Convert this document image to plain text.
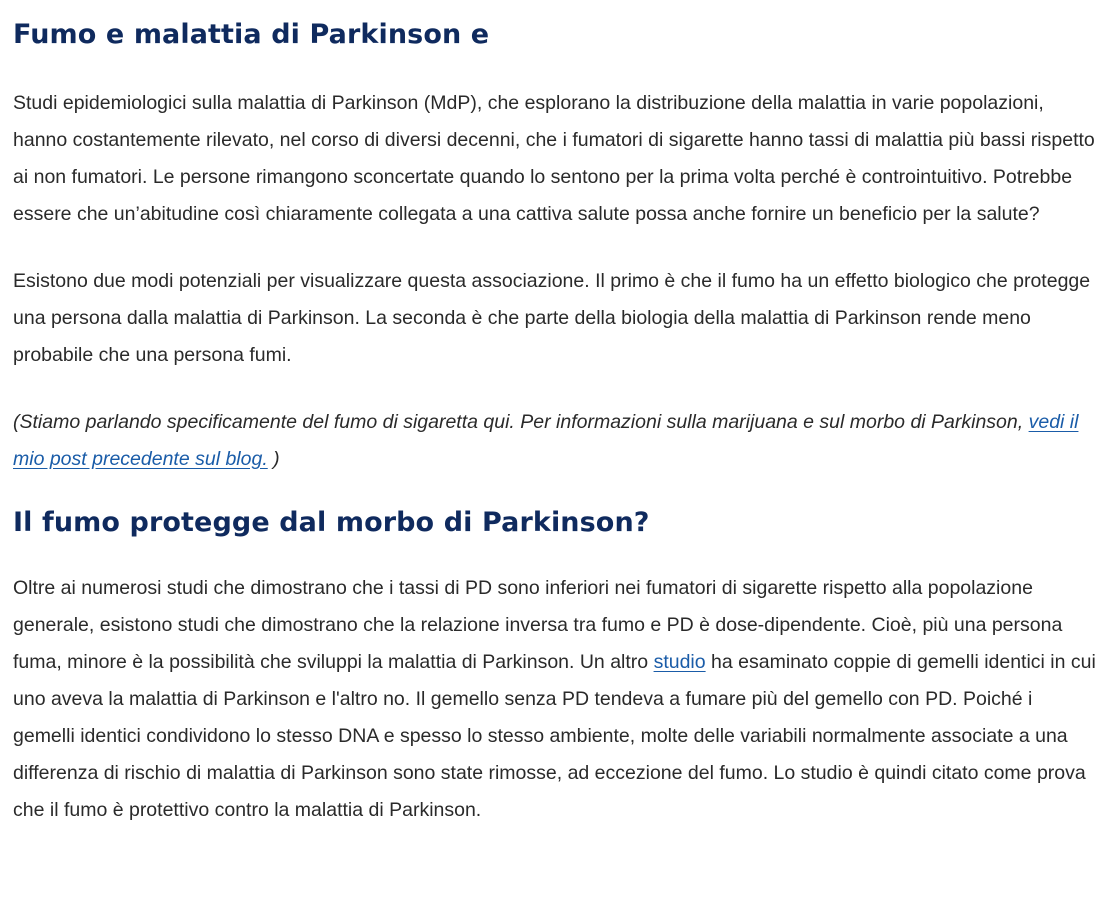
Fumo e malattia di Parkinson e

Studi epidemiologici sulla malattia di Parkinson (MdP), che esplorano la distribuzione della malattia in varie popolazioni, hanno costantemente rilevato, nel corso di diversi decenni, che i fumatori di sigarette hanno tassi di malattia più bassi rispetto ai non fumatori. Le persone rimangono sconcertate quando lo sentono per la prima volta perché è controintuitivo. Potrebbe essere che un’abitudine così chiaramente collegata a una cattiva salute possa anche fornire un beneficio per la salute?

Esistono due modi potenziali per visualizzare questa associazione. Il primo è che il fumo ha un effetto biologico che protegge una persona dalla malattia di Parkinson. La seconda è che parte della biologia della malattia di Parkinson rende meno probabile che una persona fumi.

(Stiamo parlando specificamente del fumo di sigaretta qui. Per informazioni sulla marijuana e sul morbo di Parkinson, vedi il mio post precedente sul blog. )

Il fumo protegge dal morbo di Parkinson?

Oltre ai numerosi studi che dimostrano che i tassi di PD sono inferiori nei fumatori di sigarette rispetto alla popolazione generale, esistono studi che dimostrano che la relazione inversa tra fumo e PD è dose-dipendente. Cioè, più una persona fuma, minore è la possibilità che sviluppi la malattia di Parkinson. Un altro studio ha esaminato coppie di gemelli identici in cui uno aveva la malattia di Parkinson e l'altro no. Il gemello senza PD tendeva a fumare più del gemello con PD. Poiché i gemelli identici condividono lo stesso DNA e spesso lo stesso ambiente, molte delle variabili normalmente associate a una differenza di rischio di malattia di Parkinson sono state rimosse, ad eccezione del fumo. Lo studio è quindi citato come prova che il fumo è protettivo contro la malattia di Parkinson.
